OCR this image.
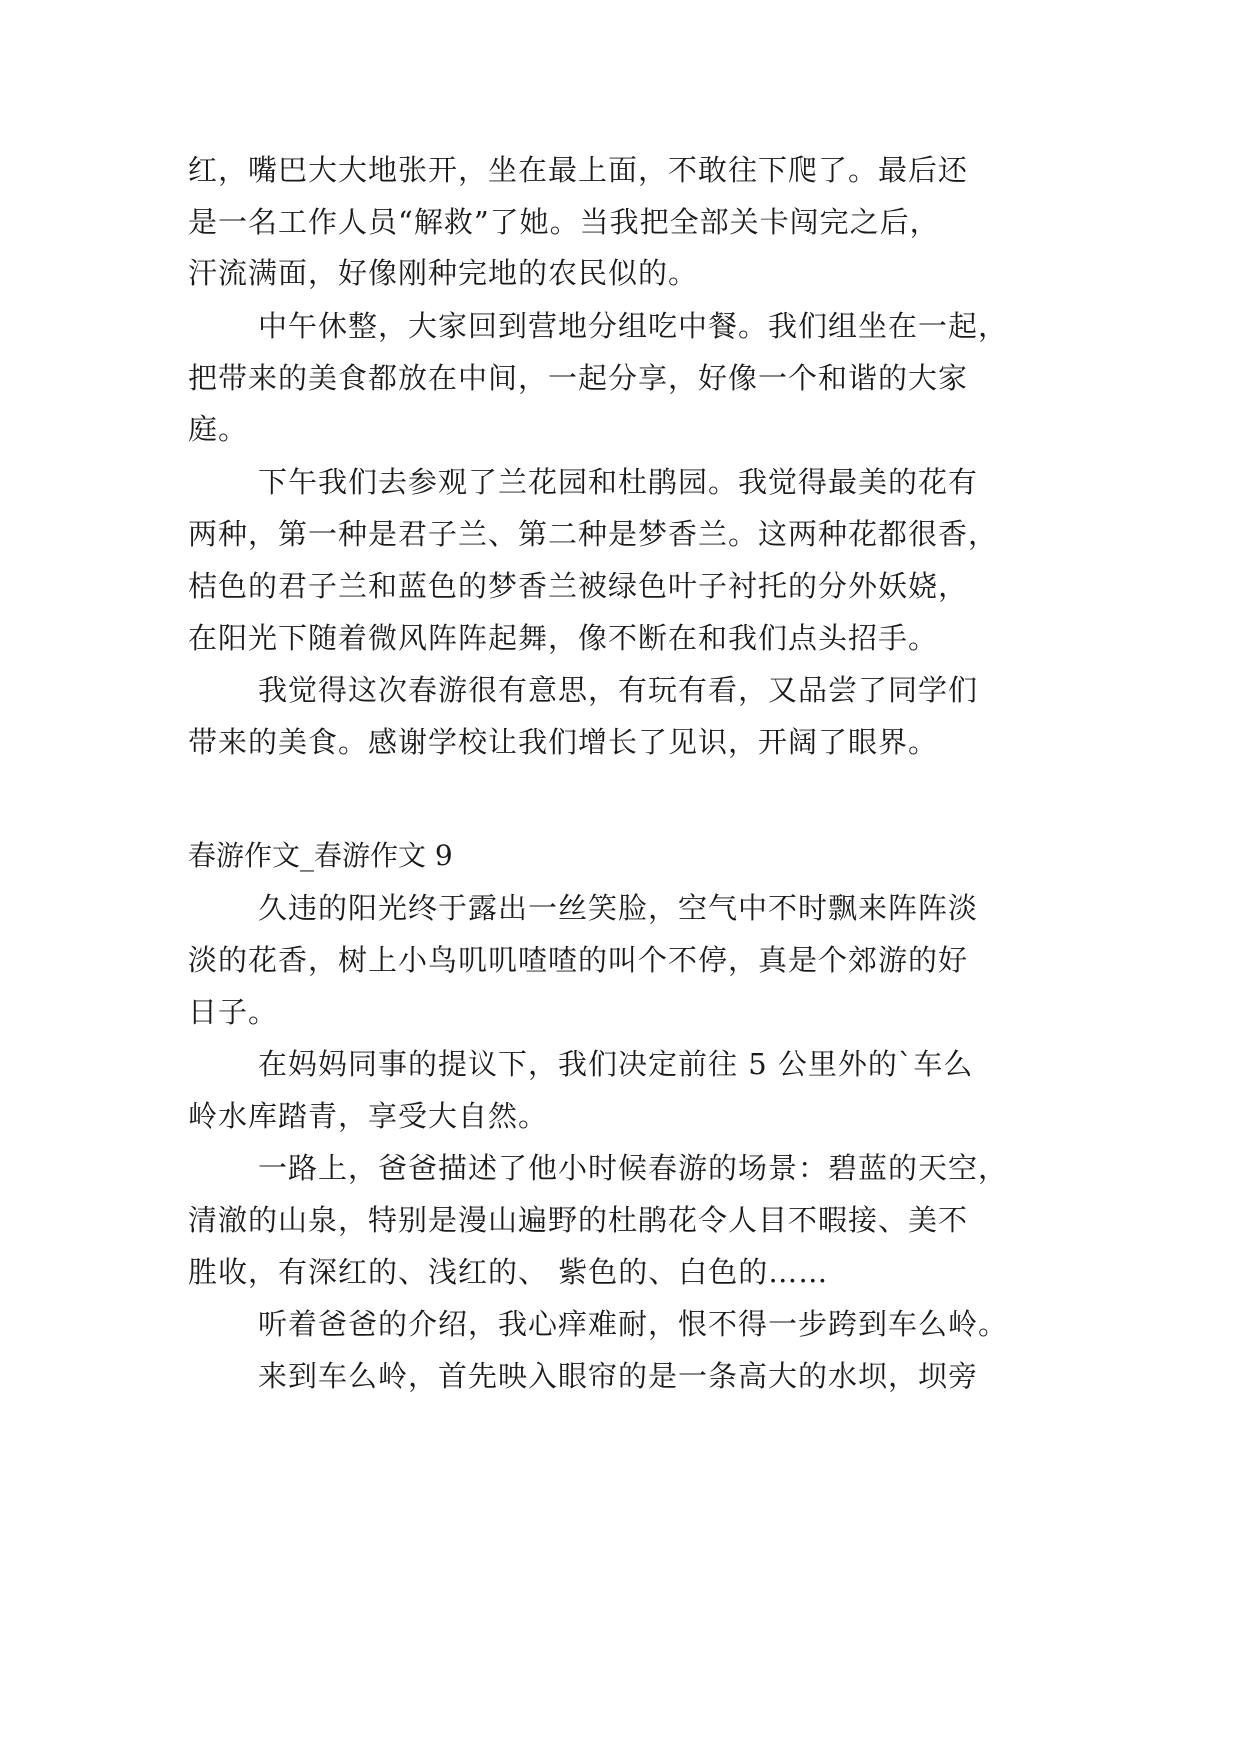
红，嘴巴大大地张开，坐在最上面，不敢往下爬了。最后还
是一名工作人员“解救”了她。当我把全部关卡闯完之后，
汗流满面，好像刚种完地的农民似的。
中午休整，大家回到营地分组吃中餐。我们组坐在一起，
把带来的美食都放在中间，一起分享，好像一个和谐的大家
庭。
下午我们去参观了兰花园和杜鹃园。我觉得最美的花有
两种，第一种是君子兰、第二种是梦香兰。这两种花都很香，
桔色的君子兰和蓝色的梦香兰被绿色叶子衬托的分外妖娆，
在阳光下随着微风阵阵起舞，像不断在和我们点头招手。
我觉得这次春游很有意思，有玩有看，又品尝了同学们
带来的美食。感谢学校让我们增长了见识，开阔了眼界。
春游作文_春游作文 9
久违的阳光终于露出一丝笑脸，空气中不时飘来阵阵淡
淡的花香，树上小鸟叽叽喳喳的叫个不停，真是个郊游的好
日子。
在妈妈同事的提议下，我们决定前往 5 公里外的`车么
岭水库踏青，享受大自然。
一路上，爸爸描述了他小时候春游的场景：碧蓝的天空，
清澈的山泉，特别是漫山遍野的杜鹃花令人目不暇接、美不
胜收，有深红的、浅红的、 紫色的、白色的……
听着爸爸的介绍，我心痒难耐，恨不得一步跨到车么岭。
来到车么岭，首先映入眼帘的是一条高大的水坝，坝旁
